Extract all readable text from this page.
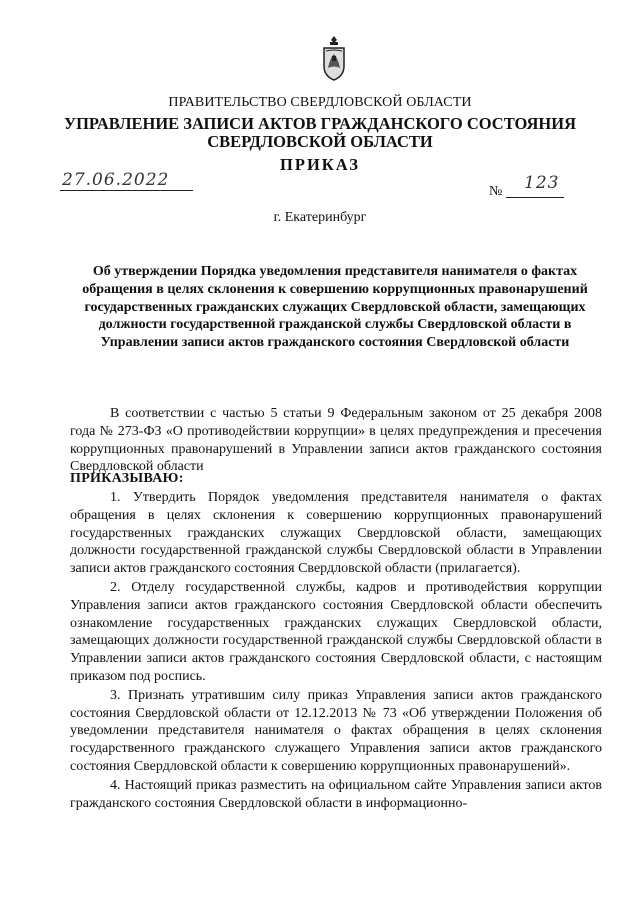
ПРАВИТЕЛЬСТВО СВЕРДЛОВСКОЙ ОБЛАСТИ
УПРАВЛЕНИЕ ЗАПИСИ АКТОВ ГРАЖДАНСКОГО СОСТОЯНИЯ
СВЕРДЛОВСКОЙ ОБЛАСТИ
ПРИКАЗ
27.06.2022
№ 123
г. Екатеринбург
Об утверждении Порядка уведомления представителя нанимателя о фактах обращения в целях склонения к совершению коррупционных правонарушений государственных гражданских служащих Свердловской области, замещающих должности государственной гражданской службы Свердловской области в Управлении записи актов гражданского состояния Свердловской области

В соответствии с частью 5 статьи 9 Федеральным законом от 25 декабря 2008 года № 273-ФЗ «О противодействии коррупции» в целях предупреждения и пресечения коррупционных правонарушений в Управлении записи актов гражданского состояния Свердловской области

ПРИКАЗЫВАЮ:

1. Утвердить Порядок уведомления представителя нанимателя о фактах обращения в целях склонения к совершению коррупционных правонарушений государственных гражданских служащих Свердловской области, замещающих должности государственной гражданской службы Свердловской области в Управлении записи актов гражданского состояния Свердловской области (прилагается).

2. Отделу государственной службы, кадров и противодействия коррупции Управления записи актов гражданского состояния Свердловской области обеспечить ознакомление государственных гражданских служащих Свердловской области, замещающих должности государственной гражданской службы Свердловской области в Управлении записи актов гражданского состояния Свердловской области, с настоящим приказом под роспись.

3. Признать утратившим силу приказ Управления записи актов гражданского состояния Свердловской области от 12.12.2013 № 73 «Об утверждении Положения об уведомлении представителя нанимателя о фактах обращения в целях склонения государственного гражданского служащего Управления записи актов гражданского состояния Свердловской области к совершению коррупционных правонарушений».

4. Настоящий приказ разместить на официальном сайте Управления записи актов гражданского состояния Свердловской области в информационно-
